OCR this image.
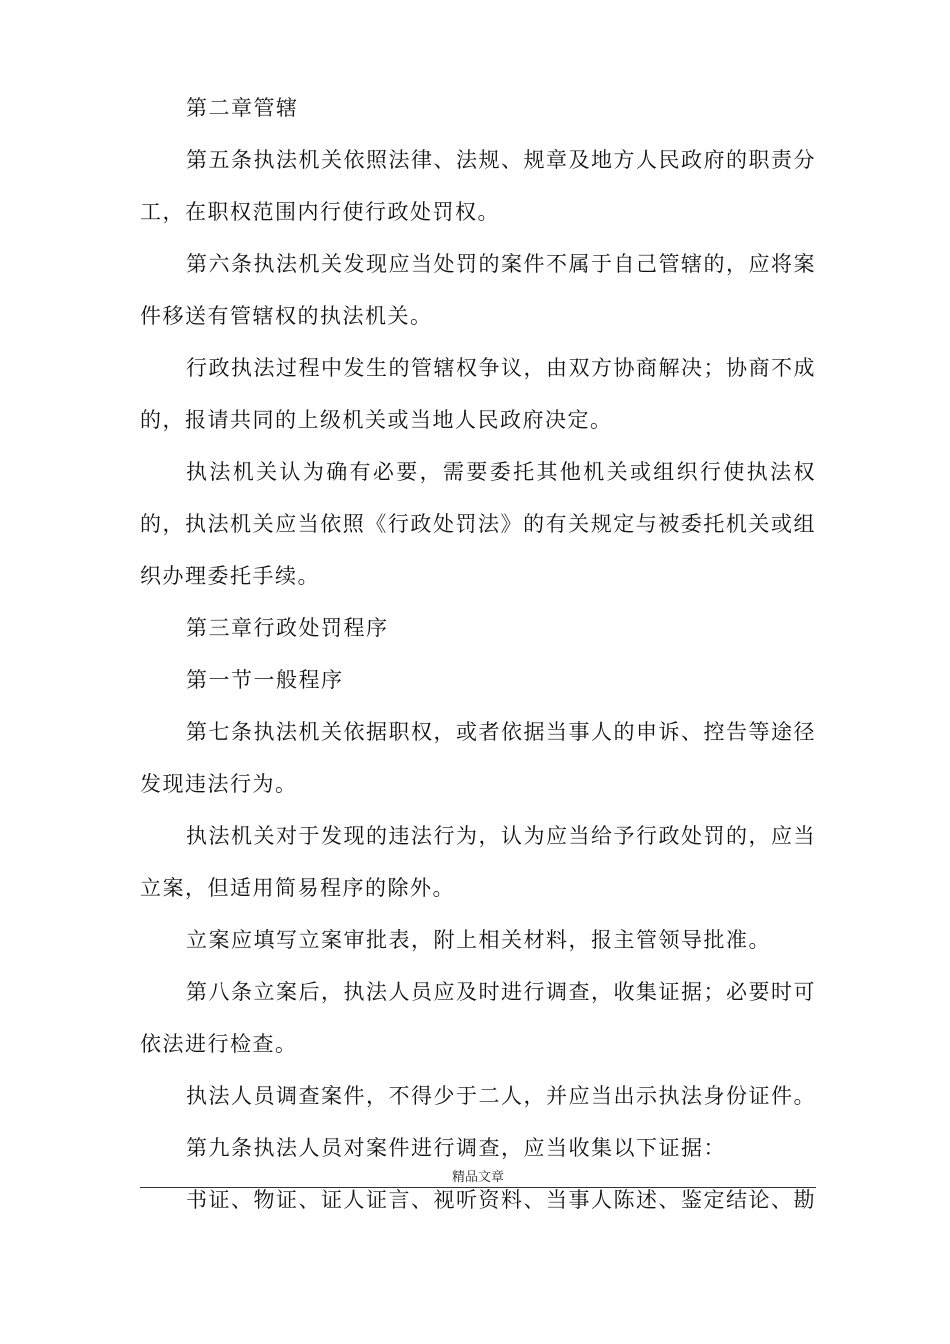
第二章管辖

第五条执法机关依照法律、法规、规章及地方人民政府的职责分工，在职权范围内行使行政处罚权。

第六条执法机关发现应当处罚的案件不属于自己管辖的，应将案件移送有管辖权的执法机关。

行政执法过程中发生的管辖权争议，由双方协商解决；协商不成的，报请共同的上级机关或当地人民政府决定。

执法机关认为确有必要，需要委托其他机关或组织行使执法权的，执法机关应当依照《行政处罚法》的有关规定与被委托机关或组织办理委托手续。

第三章行政处罚程序

第一节一般程序

第七条执法机关依据职权，或者依据当事人的申诉、控告等途径发现违法行为。

执法机关对于发现的违法行为，认为应当给予行政处罚的，应当立案，但适用简易程序的除外。

立案应填写立案审批表，附上相关材料，报主管领导批准。

第八条立案后，执法人员应及时进行调查，收集证据；必要时可依法进行检查。

执法人员调查案件，不得少于二人，并应当出示执法身份证件。

第九条执法人员对案件进行调查，应当收集以下证据：

书证、物证、证人证言、视听资料、当事人陈述、鉴定结论、勘

精品文章
